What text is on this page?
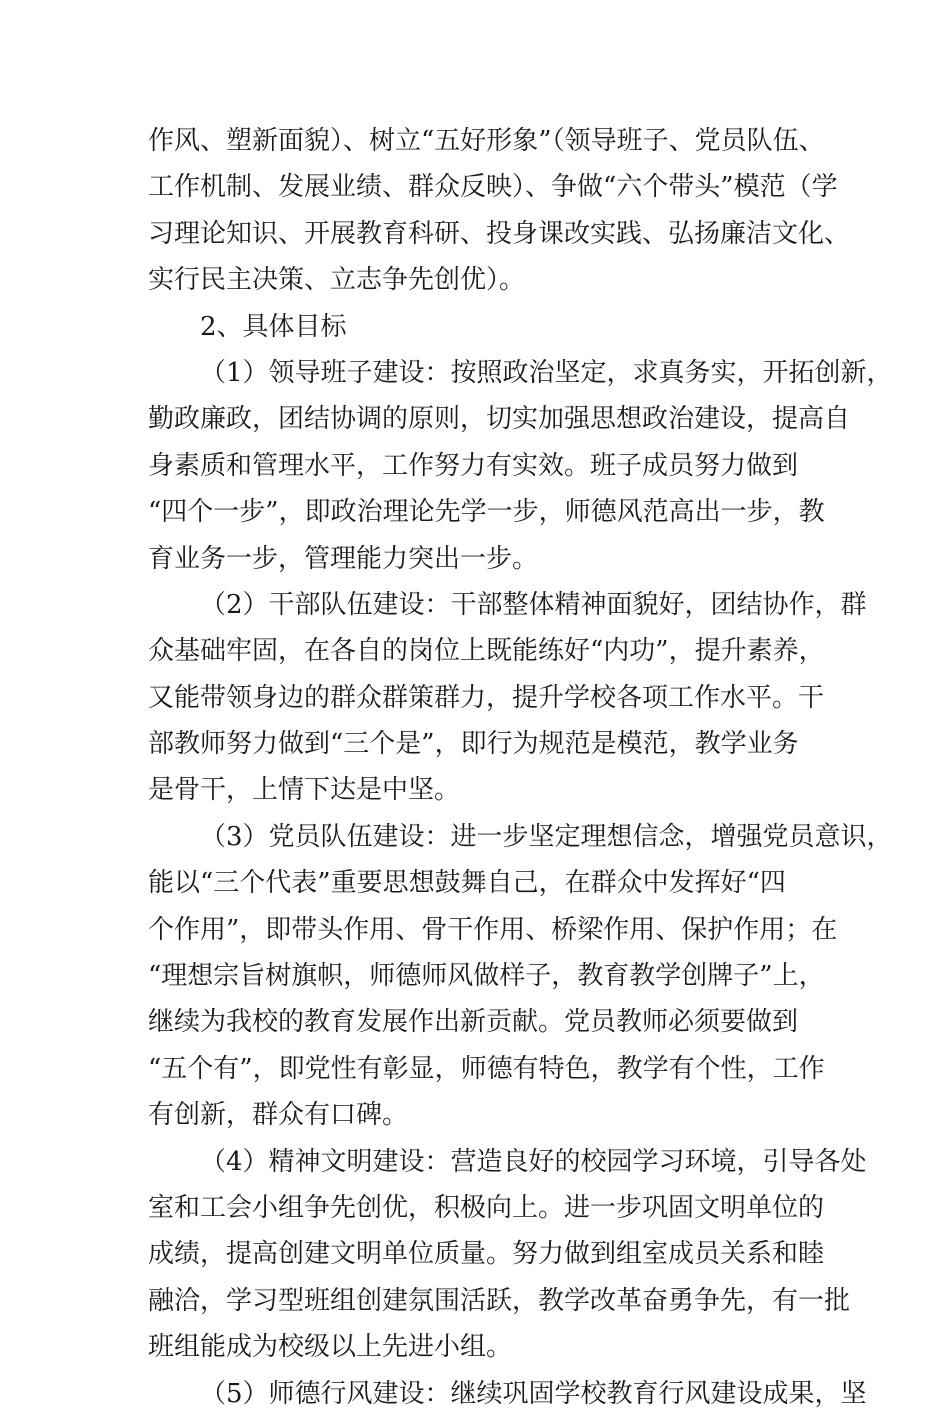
作风、塑新面貌）、树立“五好形象”（领导班子、党员队伍、
工作机制、发展业绩、群众反映）、争做“六个带头”模范（学
习理论知识、开展教育科研、投身课改实践、弘扬廉洁文化、
实行民主决策、立志争先创优）。
2、具体目标
（1）领导班子建设：按照政治坚定，求真务实，开拓创新，
勤政廉政，团结协调的原则，切实加强思想政治建设，提高自
身素质和管理水平，工作努力有实效。班子成员努力做到
“四个一步”，即政治理论先学一步，师德风范高出一步，教
育业务一步，管理能力突出一步。
（2）干部队伍建设：干部整体精神面貌好，团结协作，群
众基础牢固，在各自的岗位上既能练好“内功”，提升素养，
又能带领身边的群众群策群力，提升学校各项工作水平。干
部教师努力做到“三个是”，即行为规范是模范，教学业务
是骨干，上情下达是中坚。
（3）党员队伍建设：进一步坚定理想信念，增强党员意识，
能以“三个代表”重要思想鼓舞自己，在群众中发挥好“四
个作用”，即带头作用、骨干作用、桥梁作用、保护作用；在
“理想宗旨树旗帜，师德师风做样子，教育教学创牌子”上，
继续为我校的教育发展作出新贡献。党员教师必须要做到
“五个有”，即党性有彰显，师德有特色，教学有个性，工作
有创新，群众有口碑。
（4）精神文明建设：营造良好的校园学习环境，引导各处
室和工会小组争先创优，积极向上。进一步巩固文明单位的
成绩，提高创建文明单位质量。努力做到组室成员关系和睦
融洽，学习型班组创建氛围活跃，教学改革奋勇争先，有一批
班组能成为校级以上先进小组。
（5）师德行风建设：继续巩固学校教育行风建设成果，坚
